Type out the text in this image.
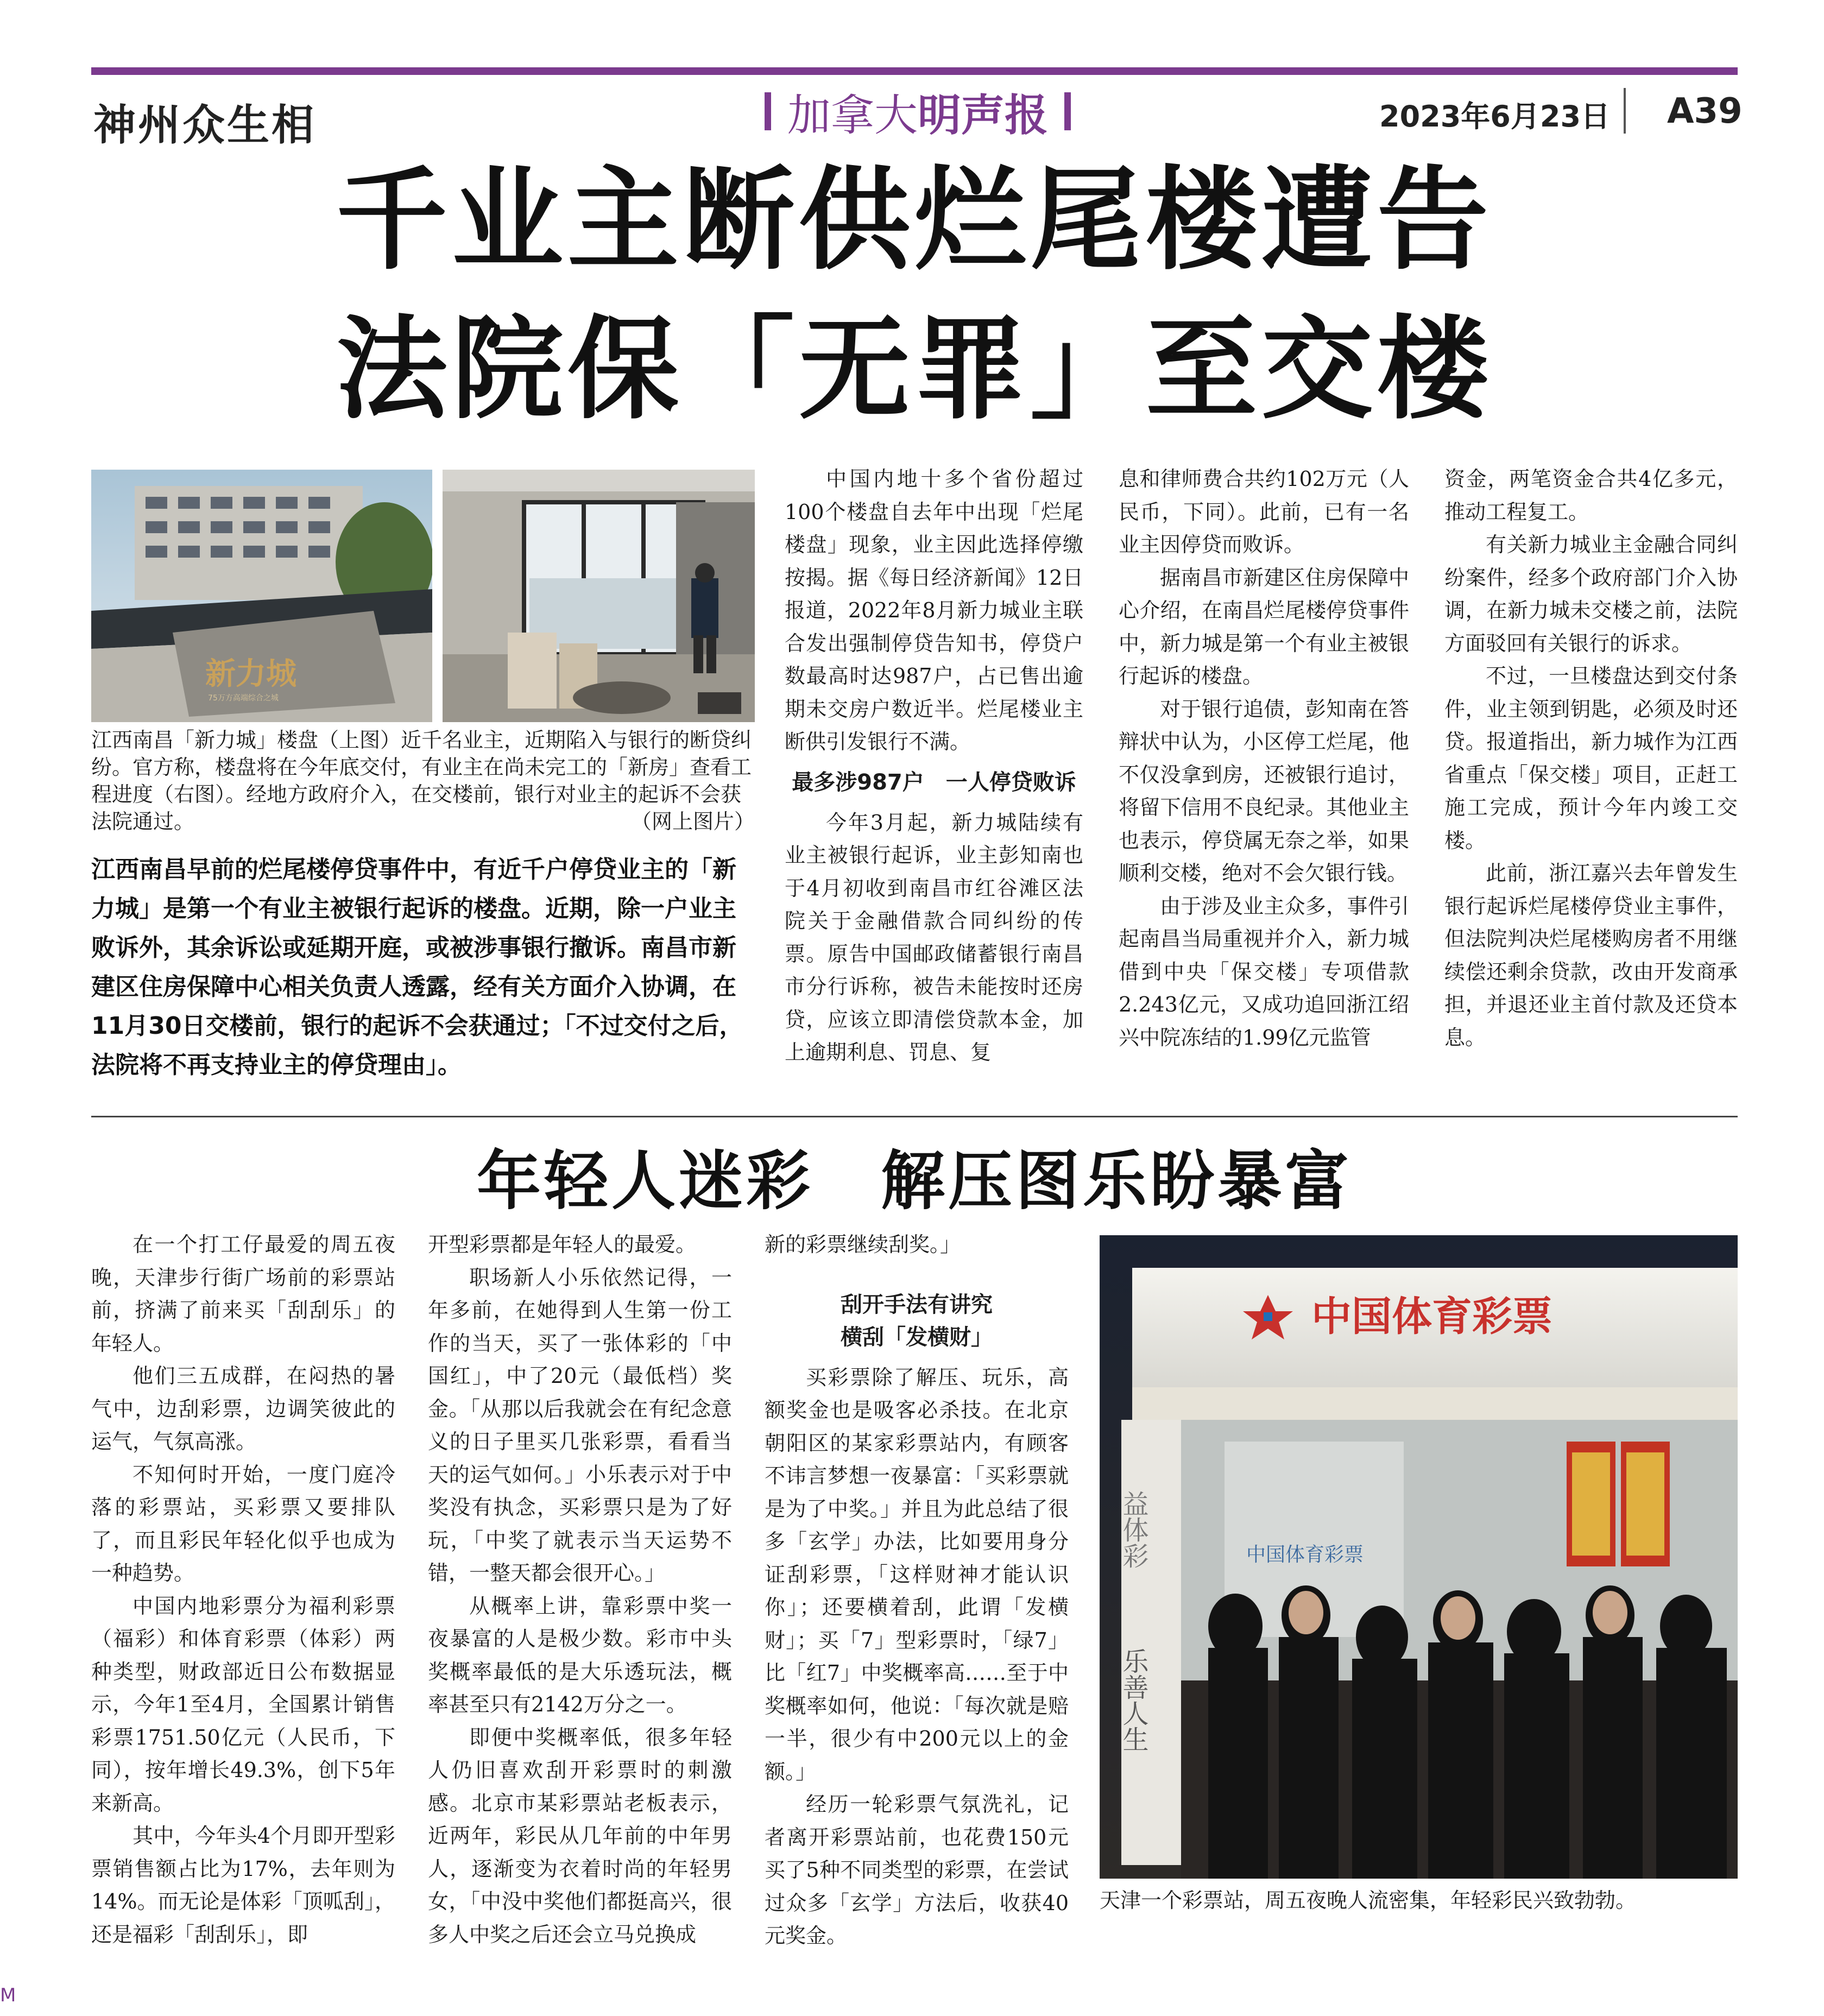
神州众生相	加拿大 明声报	2023年6月23日 A39
千业主断供烂尾楼遭告
法院保「无罪」至交楼
新力城
75万方高端综合之城
江西南昌「新力城」楼盘（上图）近千名业主，近期陷入与银行的断贷纠纷。官方称，楼盘将在今年底交付，有业主在尚未完工的「新房」查看工程进度（右图）。经地方政府介入，在交楼前，银行对业主的起诉不会获法院通过。	（网上图片）
江西南昌早前的烂尾楼停贷事件中，有近千户停贷业主的「新力城」是第一个有业主被银行起诉的楼盘。近期，除一户业主败诉外，其余诉讼或延期开庭，或被涉事银行撤诉。南昌市新建区住房保障中心相关负责人透露，经有关方面介入协调，在11月30日交楼前，银行的起诉不会获通过；「不过交付之后，法院将不再支持业主的停贷理由」。

中国内地十多个省份超过100个楼盘自去年中出现「烂尾楼盘」现象，业主因此选择停缴按揭。据《每日经济新闻》12日报道，2022年8月新力城业主联合发出强制停贷告知书，停贷户数最高时达987户，占已售出逾期未交房户数近半。烂尾楼业主断供引发银行不满。

最多涉987户　一人停贷败诉

今年3月起，新力城陆续有业主被银行起诉，业主彭知南也于4月初收到南昌市红谷滩区法院关于金融借款合同纠纷的传票。原告中国邮政储蓄银行南昌市分行诉称，被告未能按时还房贷，应该立即清偿贷款本金，加上逾期利息、罚息、复

息和律师费合共约102万元（人民币，下同）。此前，已有一名业主因停贷而败诉。

据南昌市新建区住房保障中心介绍，在南昌烂尾楼停贷事件中，新力城是第一个有业主被银行起诉的楼盘。

对于银行追债，彭知南在答辩状中认为，小区停工烂尾，他不仅没拿到房，还被银行追讨，将留下信用不良纪录。其他业主也表示，停贷属无奈之举，如果顺利交楼，绝对不会欠银行钱。

由于涉及业主众多，事件引起南昌当局重视并介入，新力城借到中央「保交楼」专项借款2.243亿元，又成功追回浙江绍兴中院冻结的1.99亿元监管

资金，两笔资金合共4亿多元，推动工程复工。

有关新力城业主金融合同纠纷案件，经多个政府部门介入协调，在新力城未交楼之前，法院方面驳回有关银行的诉求。

不过，一旦楼盘达到交付条件，业主领到钥匙，必须及时还贷。报道指出，新力城作为江西省重点「保交楼」项目，正赶工施工完成，预计今年内竣工交楼。

此前，浙江嘉兴去年曾发生银行起诉烂尾楼停贷业主事件，但法院判决烂尾楼购房者不用继续偿还剩余贷款，改由开发商承担，并退还业主首付款及还贷本息。

年轻人迷彩　解压图乐盼暴富

在一个打工仔最爱的周五夜晚，天津步行街广场前的彩票站前，挤满了前来买「刮刮乐」的年轻人。

他们三五成群，在闷热的暑气中，边刮彩票，边调笑彼此的运气，气氛高涨。

不知何时开始，一度门庭冷落的彩票站，买彩票又要排队了，而且彩民年轻化似乎也成为一种趋势。

中国内地彩票分为福利彩票（福彩）和体育彩票（体彩）两种类型，财政部近日公布数据显示，今年1至4月，全国累计销售彩票1751.50亿元（人民币，下同），按年增长49.3%，创下5年来新高。

其中，今年头4个月即开型彩票销售额占比为17%，去年则为14%。而无论是体彩「顶呱刮」，还是福彩「刮刮乐」，即

开型彩票都是年轻人的最爱。

职场新人小乐依然记得，一年多前，在她得到人生第一份工作的当天，买了一张体彩的「中国红」，中了20元（最低档）奖金。「从那以后我就会在有纪念意义的日子里买几张彩票，看看当天的运气如何。」小乐表示对于中奖没有执念，买彩票只是为了好玩，「中奖了就表示当天运势不错，一整天都会很开心。」

从概率上讲，靠彩票中奖一夜暴富的人是极少数。彩市中头奖概率最低的是大乐透玩法，概率甚至只有2142万分之一。

即便中奖概率低，很多年轻人仍旧喜欢刮开彩票时的刺激感。北京市某彩票站老板表示，近两年，彩民从几年前的中年男人，逐渐变为衣着时尚的年轻男女，「中没中奖他们都挺高兴，很多人中奖之后还会立马兑换成

新的彩票继续刮奖。」

刮开手法有讲究
横刮「发横财」

买彩票除了解压、玩乐，高额奖金也是吸客必杀技。在北京朝阳区的某家彩票站内，有顾客不讳言梦想一夜暴富：「买彩票就是为了中奖。」并且为此总结了很多「玄学」办法，比如要用身分证刮彩票，「这样财神才能认识你」；还要横着刮，此谓「发横财」；买「7」型彩票时，「绿7」比「红7」中奖概率高……至于中奖概率如何，他说：「每次就是赔一半，很少有中200元以上的金额。」

经历一轮彩票气氛洗礼，记者离开彩票站前，也花费150元买了5种不同类型的彩票，在尝试过众多「玄学」方法后，收获40元奖金。

中国体育彩票
中国体育彩票
益体彩
乐善人生
天津一个彩票站，周五夜晚人流密集，年轻彩民兴致勃勃。
M
